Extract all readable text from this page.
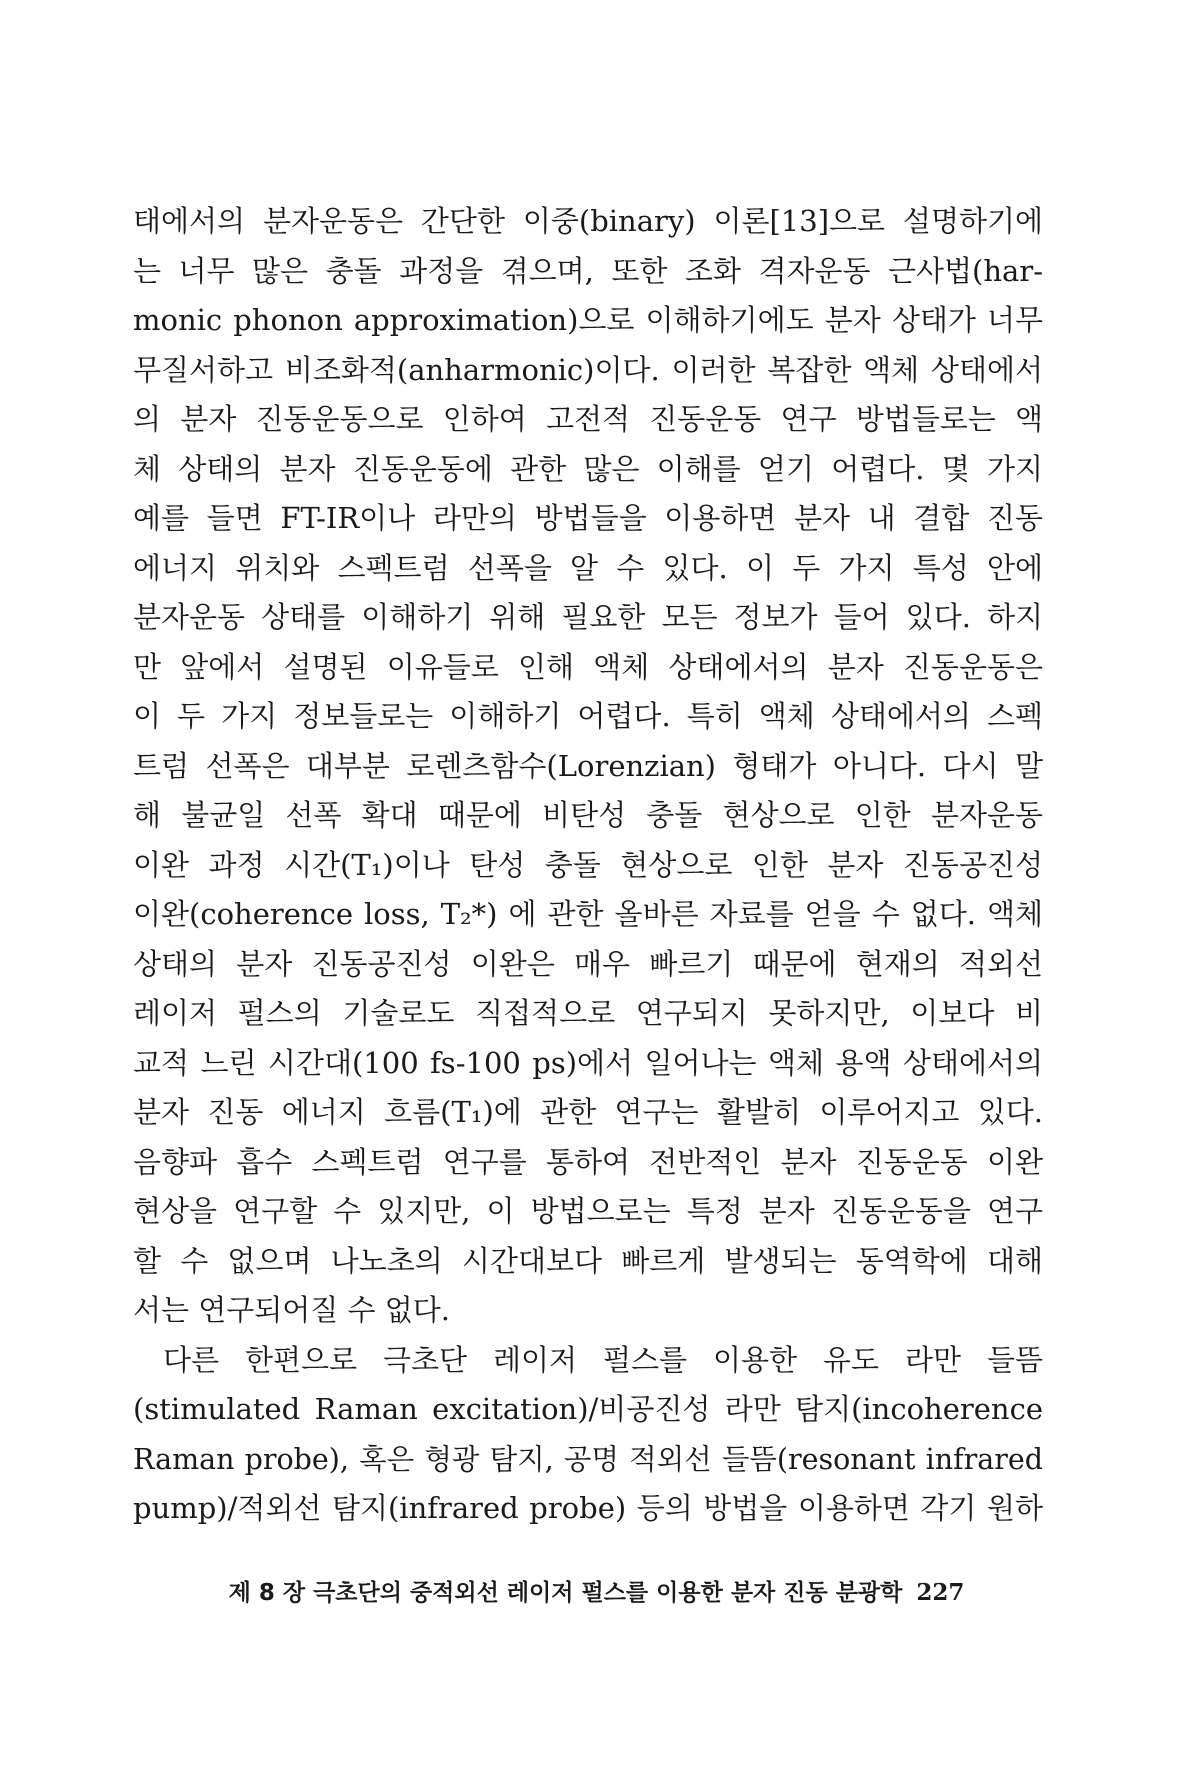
태에서의 분자운동은 간단한 이중(binary) 이론[13]으로 설명하기에
는 너무 많은 충돌 과정을 겪으며, 또한 조화 격자운동 근사법(har-
monic phonon approximation)으로 이해하기에도 분자 상태가 너무
무질서하고 비조화적(anharmonic)이다. 이러한 복잡한 액체 상태에서
의 분자 진동운동으로 인하여 고전적 진동운동 연구 방법들로는 액
체 상태의 분자 진동운동에 관한 많은 이해를 얻기 어렵다. 몇 가지
예를 들면 FT-IR이나 라만의 방법들을 이용하면 분자 내 결합 진동
에너지 위치와 스펙트럼 선폭을 알 수 있다. 이 두 가지 특성 안에
분자운동 상태를 이해하기 위해 필요한 모든 정보가 들어 있다. 하지
만 앞에서 설명된 이유들로 인해 액체 상태에서의 분자 진동운동은
이 두 가지 정보들로는 이해하기 어렵다. 특히 액체 상태에서의 스펙
트럼 선폭은 대부분 로렌츠함수(Lorenzian) 형태가 아니다. 다시 말
해 불균일 선폭 확대 때문에 비탄성 충돌 현상으로 인한 분자운동
이완 과정 시간(T₁)이나 탄성 충돌 현상으로 인한 분자 진동공진성
이완(coherence loss, T₂*) 에 관한 올바른 자료를 얻을 수 없다. 액체
상태의 분자 진동공진성 이완은 매우 빠르기 때문에 현재의 적외선
레이저 펄스의 기술로도 직접적으로 연구되지 못하지만, 이보다 비
교적 느린 시간대(100 fs-100 ps)에서 일어나는 액체 용액 상태에서의
분자 진동 에너지 흐름(T₁)에 관한 연구는 활발히 이루어지고 있다.
음향파 흡수 스펙트럼 연구를 통하여 전반적인 분자 진동운동 이완
현상을 연구할 수 있지만, 이 방법으로는 특정 분자 진동운동을 연구
할 수 없으며 나노초의 시간대보다 빠르게 발생되는 동역학에 대해
서는 연구되어질 수 없다.
다른 한편으로 극초단 레이저 펄스를 이용한 유도 라만 들뜸
(stimulated Raman excitation)/비공진성 라만 탐지(incoherence
Raman probe), 혹은 형광 탐지, 공명 적외선 들뜸(resonant infrared
pump)/적외선 탐지(infrared probe) 등의 방법을 이용하면 각기 원하
제 8 장 극초단의 중적외선 레이저 펄스를 이용한 분자 진동 분광학 227
